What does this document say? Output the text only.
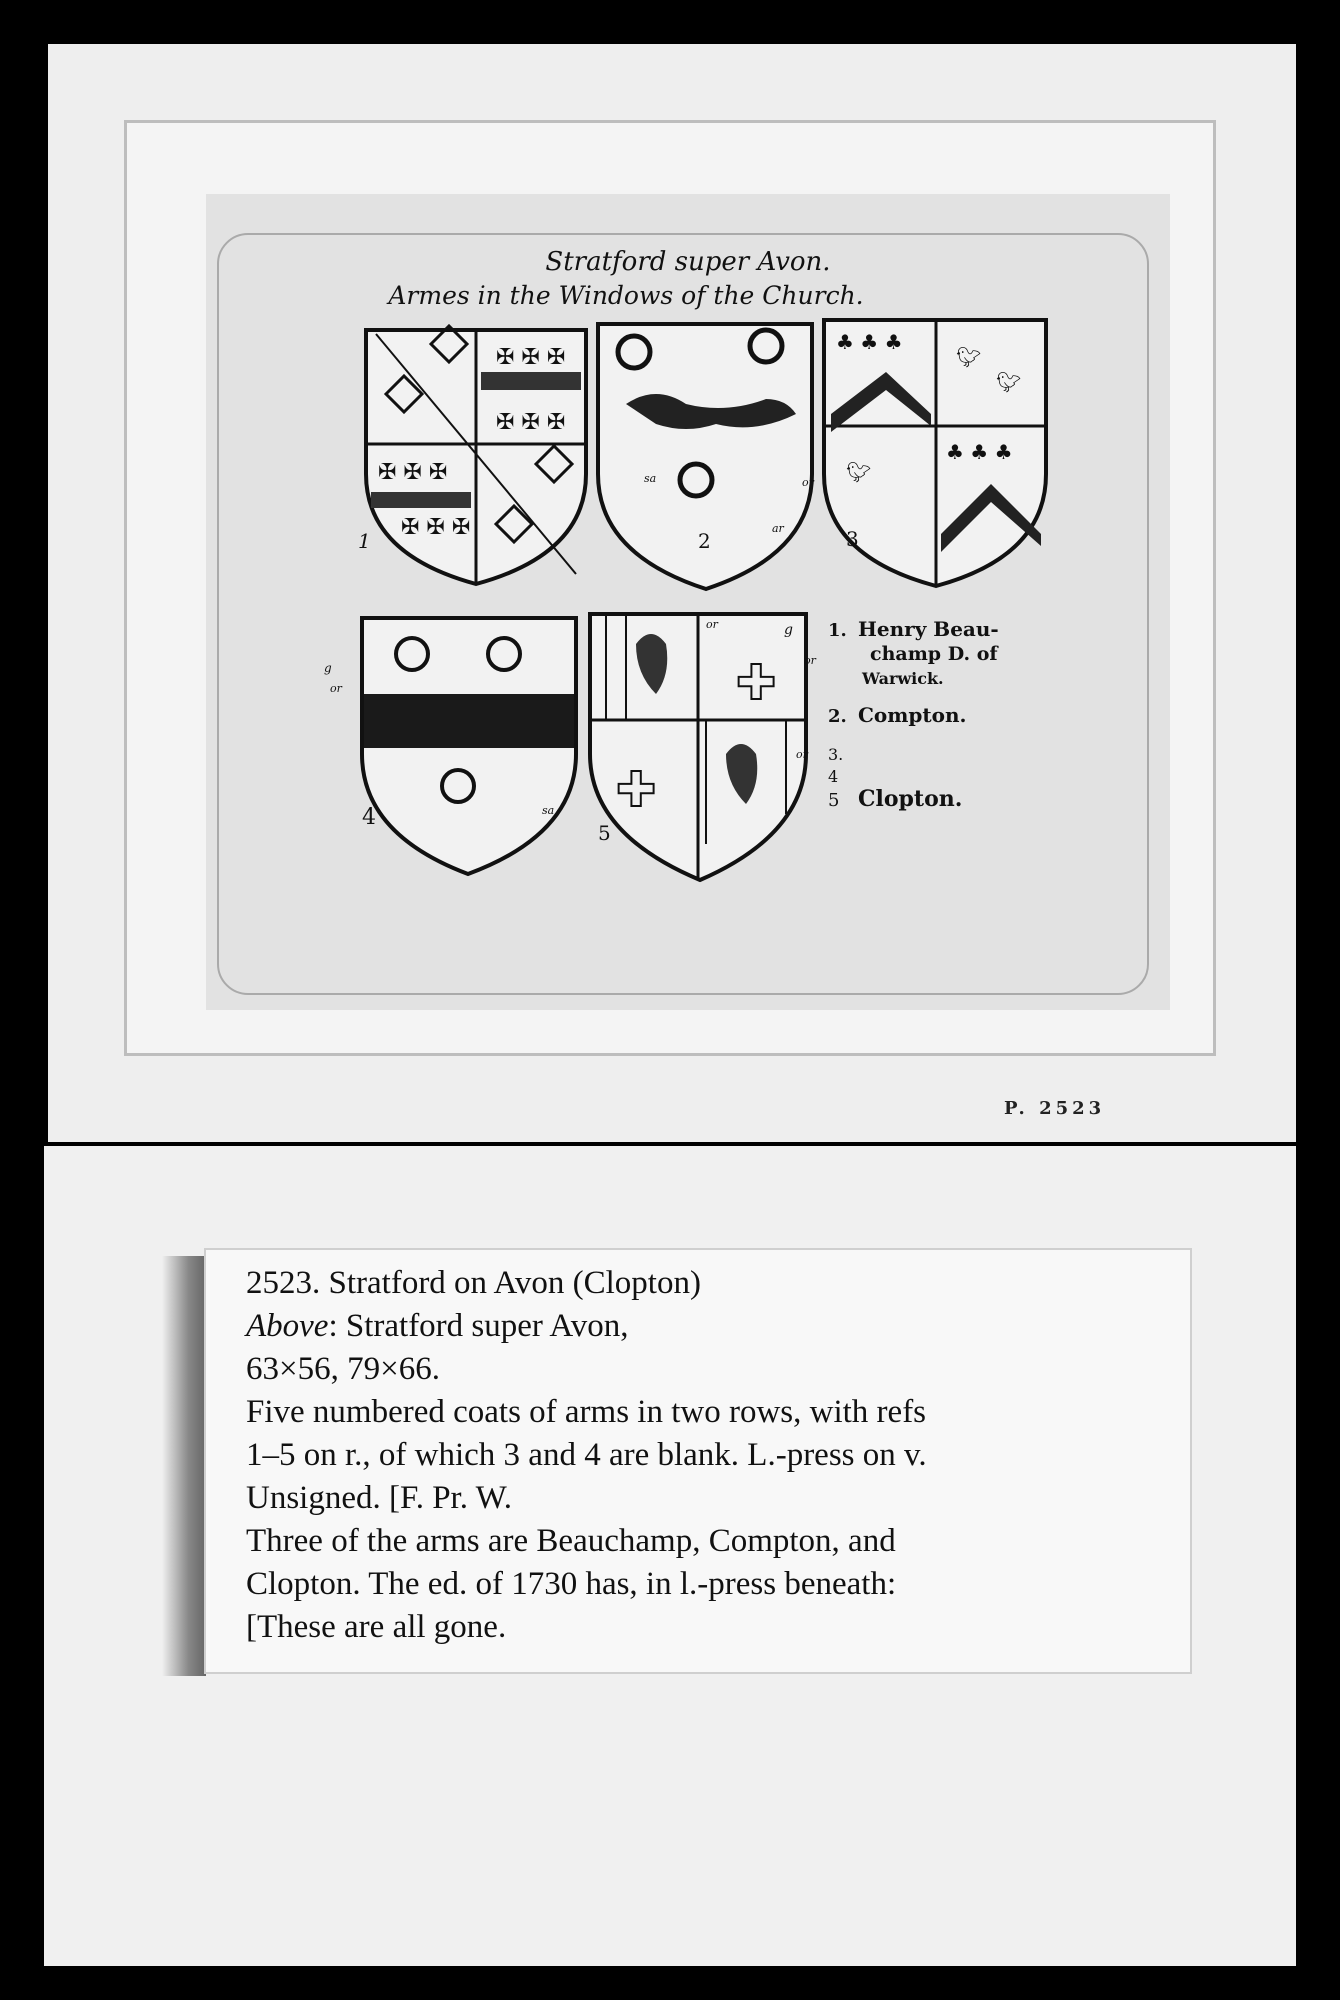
Stratford super Avon.
Armes in the Windows of the Church.
✠ ✠ ✠
✠ ✠ ✠
✠ ✠ ✠
✠ ✠ ✠
1	2
or
sa
ar
♣ ♣ ♣
♣ ♣ ♣
🐦︎
🐦︎
🐦︎
3
4
g
or
sa
✚
✚
5
or	g
or
or
1. Henry Beau-
champ D. of
Warwick.
2. Compton.
3.
4
5 Clopton.
P. 2523
2523. Stratford on Avon (Clopton)
Above: Stratford super Avon,
63×56, 79×66.
Five numbered coats of arms in two rows, with refs
1–5 on r., of which 3 and 4 are blank. L.-press on v.
Unsigned. [F. Pr. W.
Three of the arms are Beauchamp, Compton, and
Clopton. The ed. of 1730 has, in l.-press beneath:
[These are all gone.
